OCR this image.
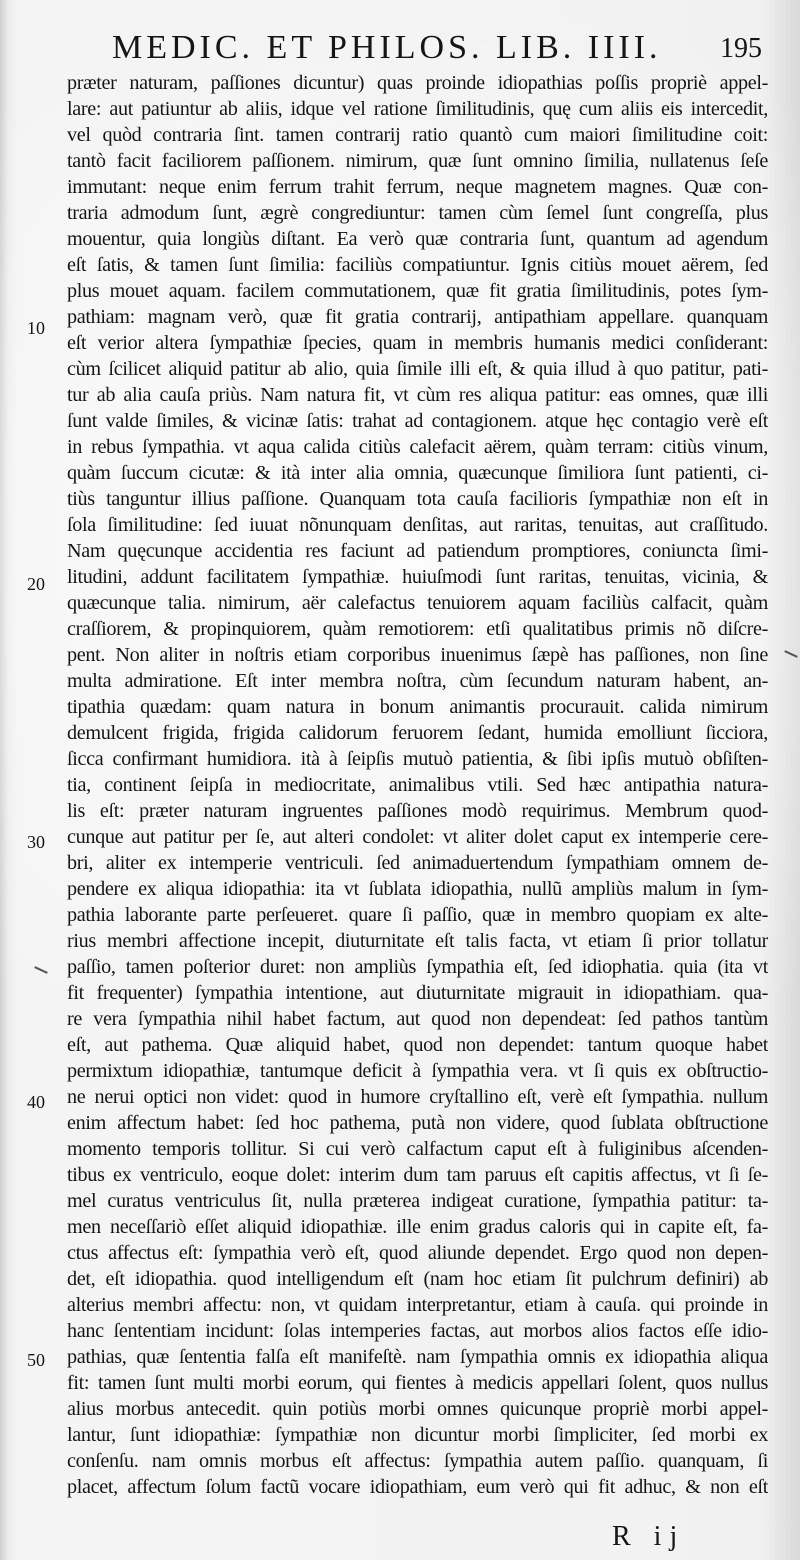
MEDIC. ET PHILOS. LIB. IIII. 195
10
20
30
40
50
præter naturam, paſſiones dicuntur) quas proinde idiopathias poſſis propriè appel-
lare: aut patiuntur ab aliis, idque vel ratione ſimilitudinis, quę cum aliis eis intercedit,
vel quòd contraria ſint. tamen contrarij ratio quantò cum maiori ſimilitudine coit:
tantò facit faciliorem paſſionem. nimirum, quæ ſunt omnino ſimilia, nullatenus ſeſe
immutant: neque enim ferrum trahit ferrum, neque magnetem magnes. Quæ con-
traria admodum ſunt, ægrè congrediuntur: tamen cùm ſemel ſunt congreſſa, plus
mouentur, quia longiùs diſtant. Ea verò quæ contraria ſunt, quantum ad agendum
eſt ſatis, & tamen ſunt ſimilia: faciliùs compatiuntur. Ignis citiùs mouet aërem, ſed
plus mouet aquam. facilem commutationem, quæ fit gratia ſimilitudinis, potes ſym-
pathiam: magnam verò, quæ fit gratia contrarij, antipathiam appellare. quanquam
eſt verior altera ſympathiæ ſpecies, quam in membris humanis medici conſiderant:
cùm ſcilicet aliquid patitur ab alio, quia ſimile illi eſt, & quia illud à quo patitur, pati-
tur ab alia cauſa priùs. Nam natura fit, vt cùm res aliqua patitur: eas omnes, quæ illi
ſunt valde ſimiles, & vicinæ ſatis: trahat ad contagionem. atque hęc contagio verè eſt
in rebus ſympathia. vt aqua calida citiùs calefacit aërem, quàm terram: citiùs vinum,
quàm ſuccum cicutæ: & ità inter alia omnia, quæcunque ſimiliora ſunt patienti, ci-
tiùs tanguntur illius paſſione. Quanquam tota cauſa facilioris ſympathiæ non eſt in
ſola ſimilitudine: ſed iuuat nõnunquam denſitas, aut raritas, tenuitas, aut craſſitudo.
Nam quęcunque accidentia res faciunt ad patiendum promptiores, coniuncta ſimi-
litudini, addunt facilitatem ſympathiæ. huiuſmodi ſunt raritas, tenuitas, vicinia, &
quæcunque talia. nimirum, aër calefactus tenuiorem aquam faciliùs calfacit, quàm
craſſiorem, & propinquiorem, quàm remotiorem: etſi qualitatibus primis nõ diſcre-
pent. Non aliter in noſtris etiam corporibus inuenimus ſæpè has paſſiones, non ſine
multa admiratione. Eſt inter membra noſtra, cùm ſecundum naturam habent, an-
tipathia quædam: quam natura in bonum animantis procurauit. calida nimirum
demulcent frigida, frigida calidorum feruorem ſedant, humida emolliunt ſicciora,
ſicca confirmant humidiora. ità à ſeipſis mutuò patientia, & ſibi ipſis mutuò obſiſten-
tia, continent ſeipſa in mediocritate, animalibus vtili. Sed hæc antipathia natura-
lis eſt: præter naturam ingruentes paſſiones modò requirimus. Membrum quod-
cunque aut patitur per ſe, aut alteri condolet: vt aliter dolet caput ex intemperie cere-
bri, aliter ex intemperie ventriculi. ſed animaduertendum ſympathiam omnem de-
pendere ex aliqua idiopathia: ita vt ſublata idiopathia, nullũ ampliùs malum in ſym-
pathia laborante parte perſeueret. quare ſi paſſio, quæ in membro quopiam ex alte-
rius membri affectione incepit, diuturnitate eſt talis facta, vt etiam ſi prior tollatur
paſſio, tamen poſterior duret: non ampliùs ſympathia eſt, ſed idiophatia. quia (ita vt
fit frequenter) ſympathia intentione, aut diuturnitate migrauit in idiopathiam. qua-
re vera ſympathia nihil habet factum, aut quod non dependeat: ſed pathos tantùm
eſt, aut pathema. Quæ aliquid habet, quod non dependet: tantum quoque habet
permixtum idiopathiæ, tantumque deficit à ſympathia vera. vt ſi quis ex obſtructio-
ne nerui optici non videt: quod in humore cryſtallino eſt, verè eſt ſympathia. nullum
enim affectum habet: ſed hoc pathema, putà non videre, quod ſublata obſtructione
momento temporis tollitur. Si cui verò calfactum caput eſt à fuliginibus aſcenden-
tibus ex ventriculo, eoque dolet: interim dum tam paruus eſt capitis affectus, vt ſi ſe-
mel curatus ventriculus ſit, nulla præterea indigeat curatione, ſympathia patitur: ta-
men neceſſariò eſſet aliquid idiopathiæ. ille enim gradus caloris qui in capite eſt, fa-
ctus affectus eſt: ſympathia verò eſt, quod aliunde dependet. Ergo quod non depen-
det, eſt idiopathia. quod intelligendum eſt (nam hoc etiam ſit pulchrum definiri) ab
alterius membri affectu: non, vt quidam interpretantur, etiam à cauſa. qui proinde in
hanc ſententiam incidunt: ſolas intemperies factas, aut morbos alios factos eſſe idio-
pathias, quæ ſententia falſa eſt manifeſtè. nam ſympathia omnis ex idiopathia aliqua
fit: tamen ſunt multi morbi eorum, qui fientes à medicis appellari ſolent, quos nullus
alius morbus antecedit. quin potiùs morbi omnes quicunque propriè morbi appel-
lantur, ſunt idiopathiæ: ſympathiæ non dicuntur morbi ſimpliciter, ſed morbi ex
conſenſu. nam omnis morbus eſt affectus: ſympathia autem paſſio. quanquam, ſi
placet, affectum ſolum factũ vocare idiopathiam, eum verò qui fit adhuc, & non eſt
R ij
